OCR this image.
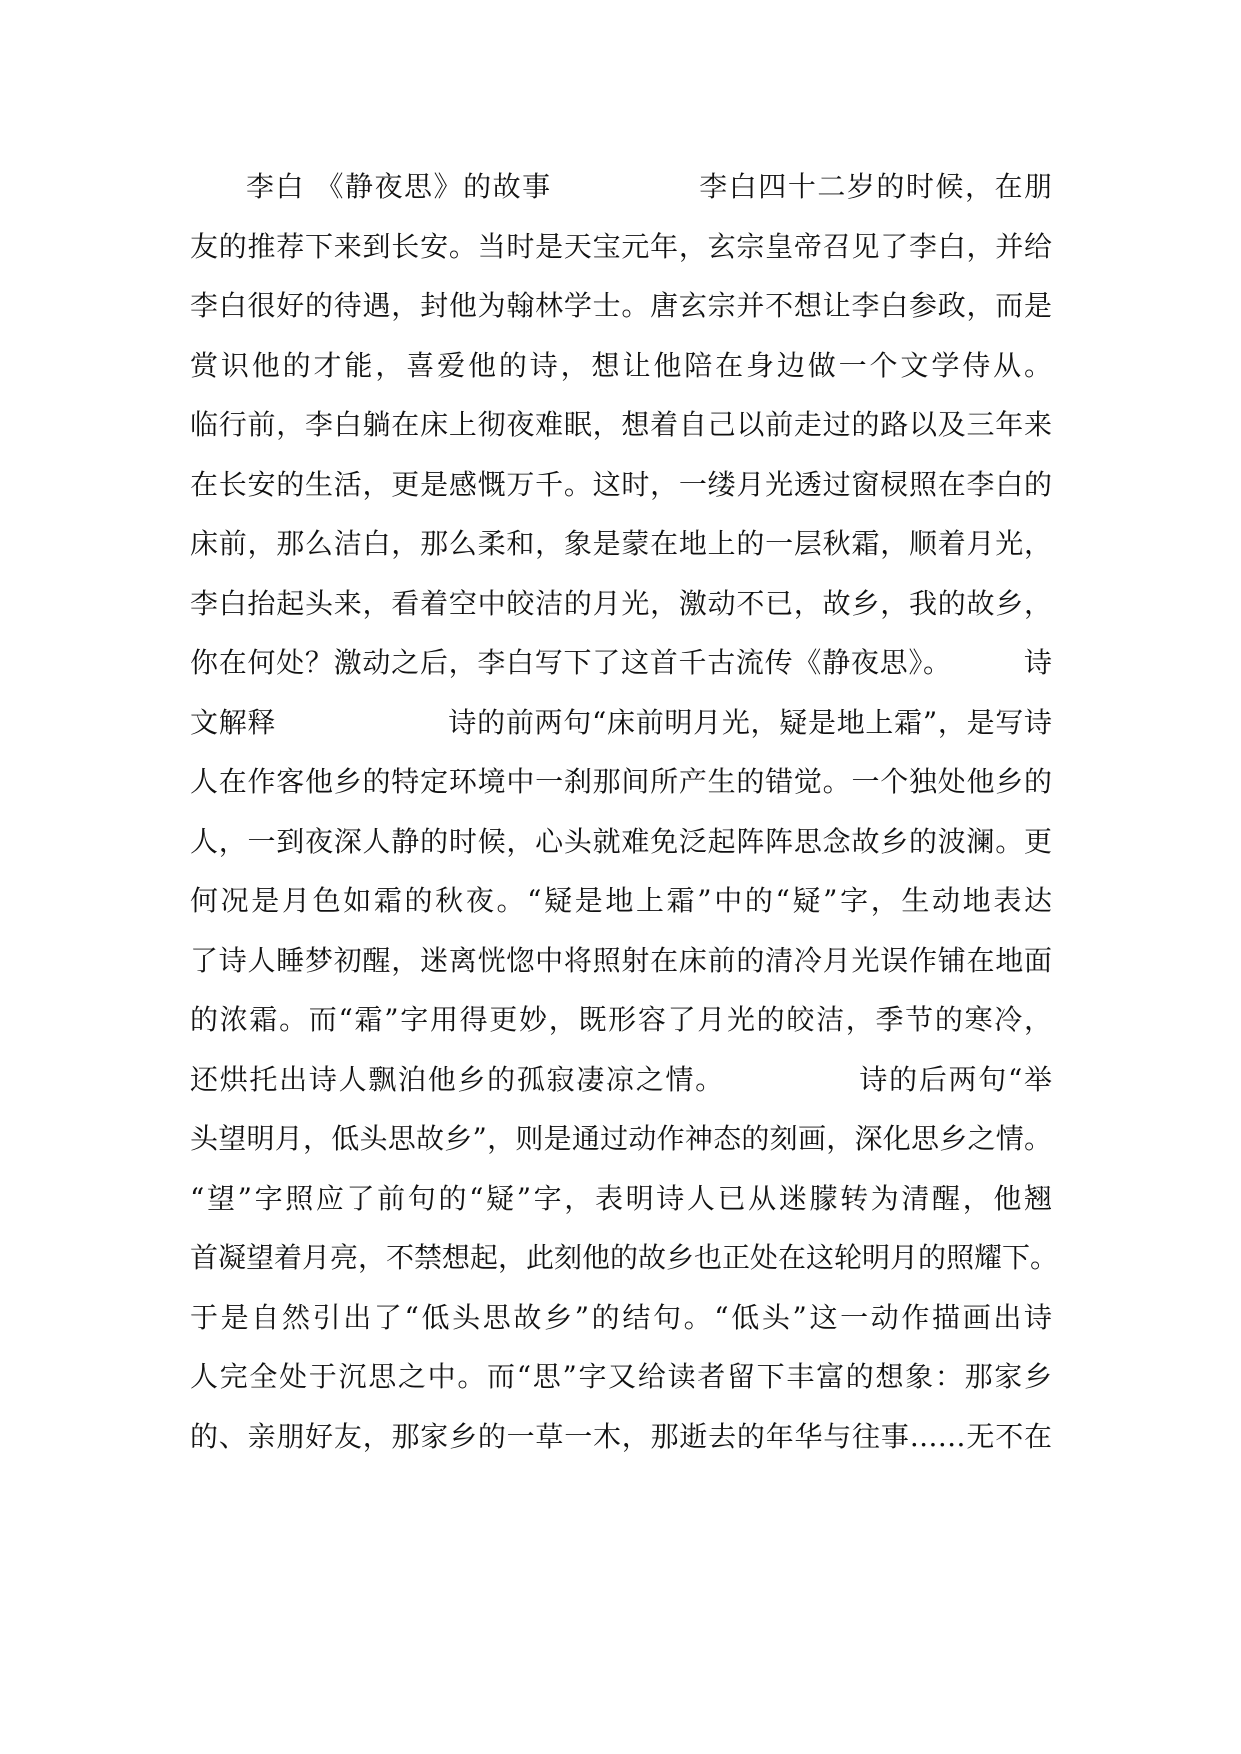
李白 《静夜思》的故事　　　　　李白四十二岁的时候，在朋
友的推荐下来到长安。当时是天宝元年，玄宗皇帝召见了李白，并给
李白很好的待遇，封他为翰林学士。唐玄宗并不想让李白参政，而是
赏识他的才能，喜爱他的诗，想让他陪在身边做一个文学侍从。
临行前，李白躺在床上彻夜难眠，想着自己以前走过的路以及三年来
在长安的生活，更是感慨万千。这时，一缕月光透过窗棂照在李白的
床前，那么洁白，那么柔和，象是蒙在地上的一层秋霜，顺着月光，
李白抬起头来，看着空中皎洁的月光，激动不已，故乡，我的故乡，
你在何处？激动之后，李白写下了这首千古流传《静夜思》。　　　诗
文解释　　　　　　诗的前两句“床前明月光，疑是地上霜”，是写诗
人在作客他乡的特定环境中一刹那间所产生的错觉。一个独处他乡的
人，一到夜深人静的时候，心头就难免泛起阵阵思念故乡的波澜。更
何况是月色如霜的秋夜。“疑是地上霜”中的“疑”字，生动地表达
了诗人睡梦初醒，迷离恍惚中将照射在床前的清冷月光误作铺在地面
的浓霜。而“霜”字用得更妙，既形容了月光的皎洁，季节的寒冷，
还烘托出诗人飘泊他乡的孤寂凄凉之情。　　　　　诗的后两句“举
头望明月，低头思故乡”，则是通过动作神态的刻画，深化思乡之情。
“望”字照应了前句的“疑”字，表明诗人已从迷朦转为清醒，他翘
首凝望着月亮，不禁想起，此刻他的故乡也正处在这轮明月的照耀下。
于是自然引出了“低头思故乡”的结句。“低头”这一动作描画出诗
人完全处于沉思之中。而“思”字又给读者留下丰富的想象：那家乡
的、亲朋好友，那家乡的一草一木，那逝去的年华与往事……无不在
